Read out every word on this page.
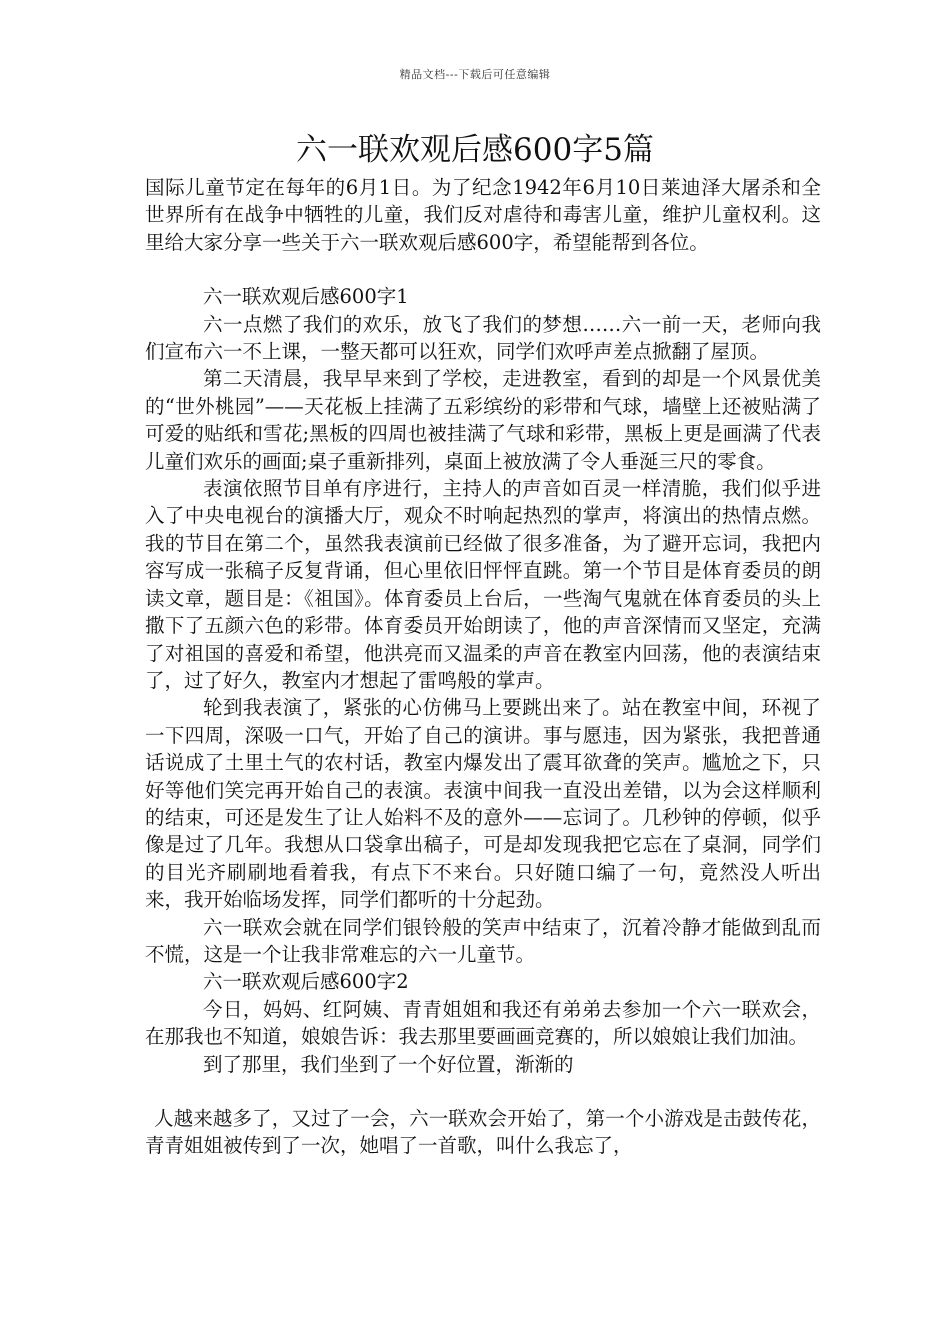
精品文档---下载后可任意编辑
六一联欢观后感600字5篇

国际儿童节定在每年的6月1日。为了纪念1942年6月10日莱迪泽大屠杀和全世界所有在战争中牺牲的儿童，我们反对虐待和毒害儿童，维护儿童权利。这里给大家分享一些关于六一联欢观后感600字，希望能帮到各位。

六一联欢观后感600字1

六一点燃了我们的欢乐，放飞了我们的梦想……六一前一天，老师向我们宣布六一不上课，一整天都可以狂欢，同学们欢呼声差点掀翻了屋顶。

第二天清晨，我早早来到了学校，走进教室，看到的却是一个风景优美的“世外桃园”——天花板上挂满了五彩缤纷的彩带和气球，墙壁上还被贴满了可爱的贴纸和雪花;黑板的四周也被挂满了气球和彩带，黑板上更是画满了代表儿童们欢乐的画面;桌子重新排列，桌面上被放满了令人垂涎三尺的零食。

表演依照节目单有序进行，主持人的声音如百灵一样清脆，我们似乎进入了中央电视台的演播大厅，观众不时响起热烈的掌声，将演出的热情点燃。我的节目在第二个，虽然我表演前已经做了很多准备，为了避开忘词，我把内容写成一张稿子反复背诵，但心里依旧怦怦直跳。第一个节目是体育委员的朗读文章，题目是：《祖国》。体育委员上台后，一些淘气鬼就在体育委员的头上撒下了五颜六色的彩带。体育委员开始朗读了，他的声音深情而又坚定，充满了对祖国的喜爱和希望，他洪亮而又温柔的声音在教室内回荡，他的表演结束了，过了好久，教室内才想起了雷鸣般的掌声。

轮到我表演了，紧张的心仿佛马上要跳出来了。站在教室中间，环视了一下四周，深吸一口气，开始了自己的演讲。事与愿违，因为紧张，我把普通话说成了土里土气的农村话，教室内爆发出了震耳欲聋的笑声。尴尬之下，只好等他们笑完再开始自己的表演。表演中间我一直没出差错，以为会这样顺利的结束，可还是发生了让人始料不及的意外——忘词了。几秒钟的停顿，似乎像是过了几年。我想从口袋拿出稿子，可是却发现我把它忘在了桌洞，同学们的目光齐刷刷地看着我，有点下不来台。只好随口编了一句，竟然没人听出来，我开始临场发挥，同学们都听的十分起劲。

六一联欢会就在同学们银铃般的笑声中结束了，沉着冷静才能做到乱而不慌，这是一个让我非常难忘的六一儿童节。

六一联欢观后感600字2

今日，妈妈、红阿姨、青青姐姐和我还有弟弟去参加一个六一联欢会，在那我也不知道，娘娘告诉：我去那里要画画竞赛的，所以娘娘让我们加油。

到了那里，我们坐到了一个好位置，渐渐的

人越来越多了，又过了一会，六一联欢会开始了，第一个小游戏是击鼓传花，青青姐姐被传到了一次，她唱了一首歌，叫什么我忘了，
